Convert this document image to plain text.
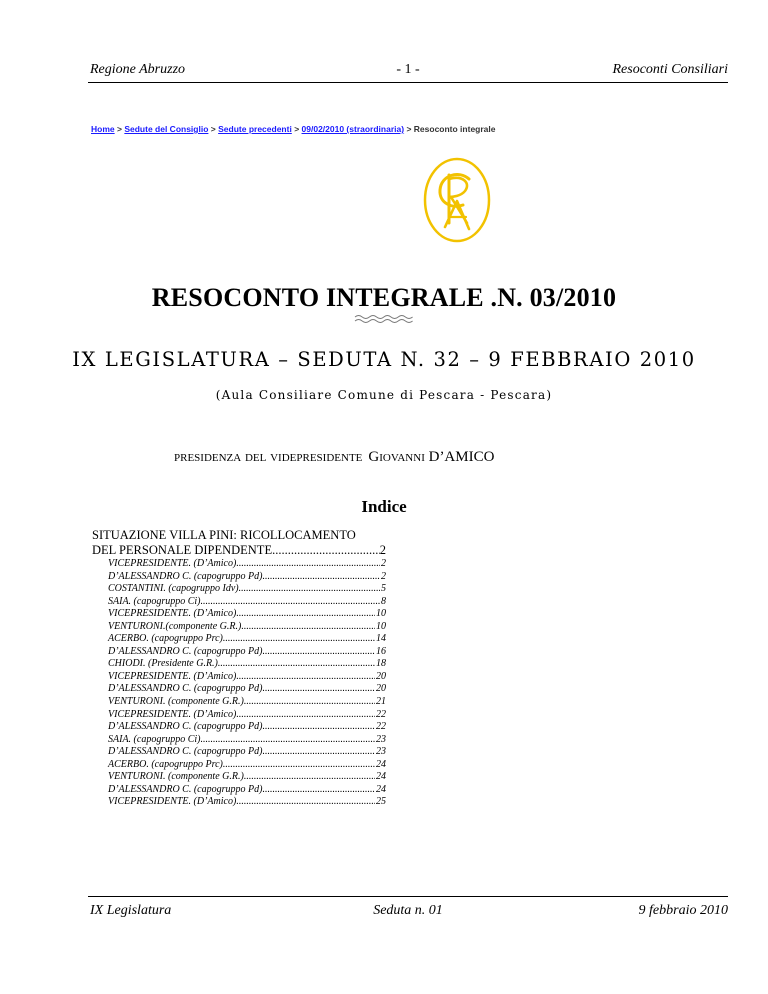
Regione Abruzzo	- 1 -	Resoconti Consiliari
Home > Sedute del Consiglio > Sedute precedenti > 09/02/2010 (straordinaria) > Resoconto integrale
RESOCONTO INTEGRALE .N. 03/2010
IX LEGISLATURA – SEDUTA N. 32 – 9 FEBBRAIO 2010
(Aula Consiliare Comune di Pescara - Pescara)
presidenza del videpresidente Giovanni D’AMICO
Indice
SITUAZIONE VILLA PINI: RICOLLOCAMENTO
DEL PERSONALE DIPENDENTE .....	2
VICEPRESIDENTE. (D’Amico) .....	2
D’ALESSANDRO C. (capogruppo Pd) .....	2
COSTANTINI. (capogruppo Idv) .....	5
SAIA. (capogruppo Ci) .....	8
VICEPRESIDENTE. (D’Amico) .....	10
VENTURONI.(componente G.R.) .....	10
ACERBO. (capogruppo Prc) .....	14
D’ALESSANDRO C. (capogruppo Pd) .....	16
CHIODI. (Presidente G.R.) .....	18
VICEPRESIDENTE. (D’Amico) .....	20
D’ALESSANDRO C. (capogruppo Pd) .....	20
VENTURONI. (componente G.R.) .....	21
VICEPRESIDENTE. (D’Amico) .....	22
D’ALESSANDRO C. (capogruppo Pd) .....	22
SAIA. (capogruppo Ci) .....	23
D’ALESSANDRO C. (capogruppo Pd) .....	23
ACERBO. (capogruppo Prc) .....	24
VENTURONI. (componente G.R.) .....	24
D’ALESSANDRO C. (capogruppo Pd) .....	24
VICEPRESIDENTE. (D’Amico) .....	25
IX Legislatura	Seduta n. 01	9 febbraio 2010
